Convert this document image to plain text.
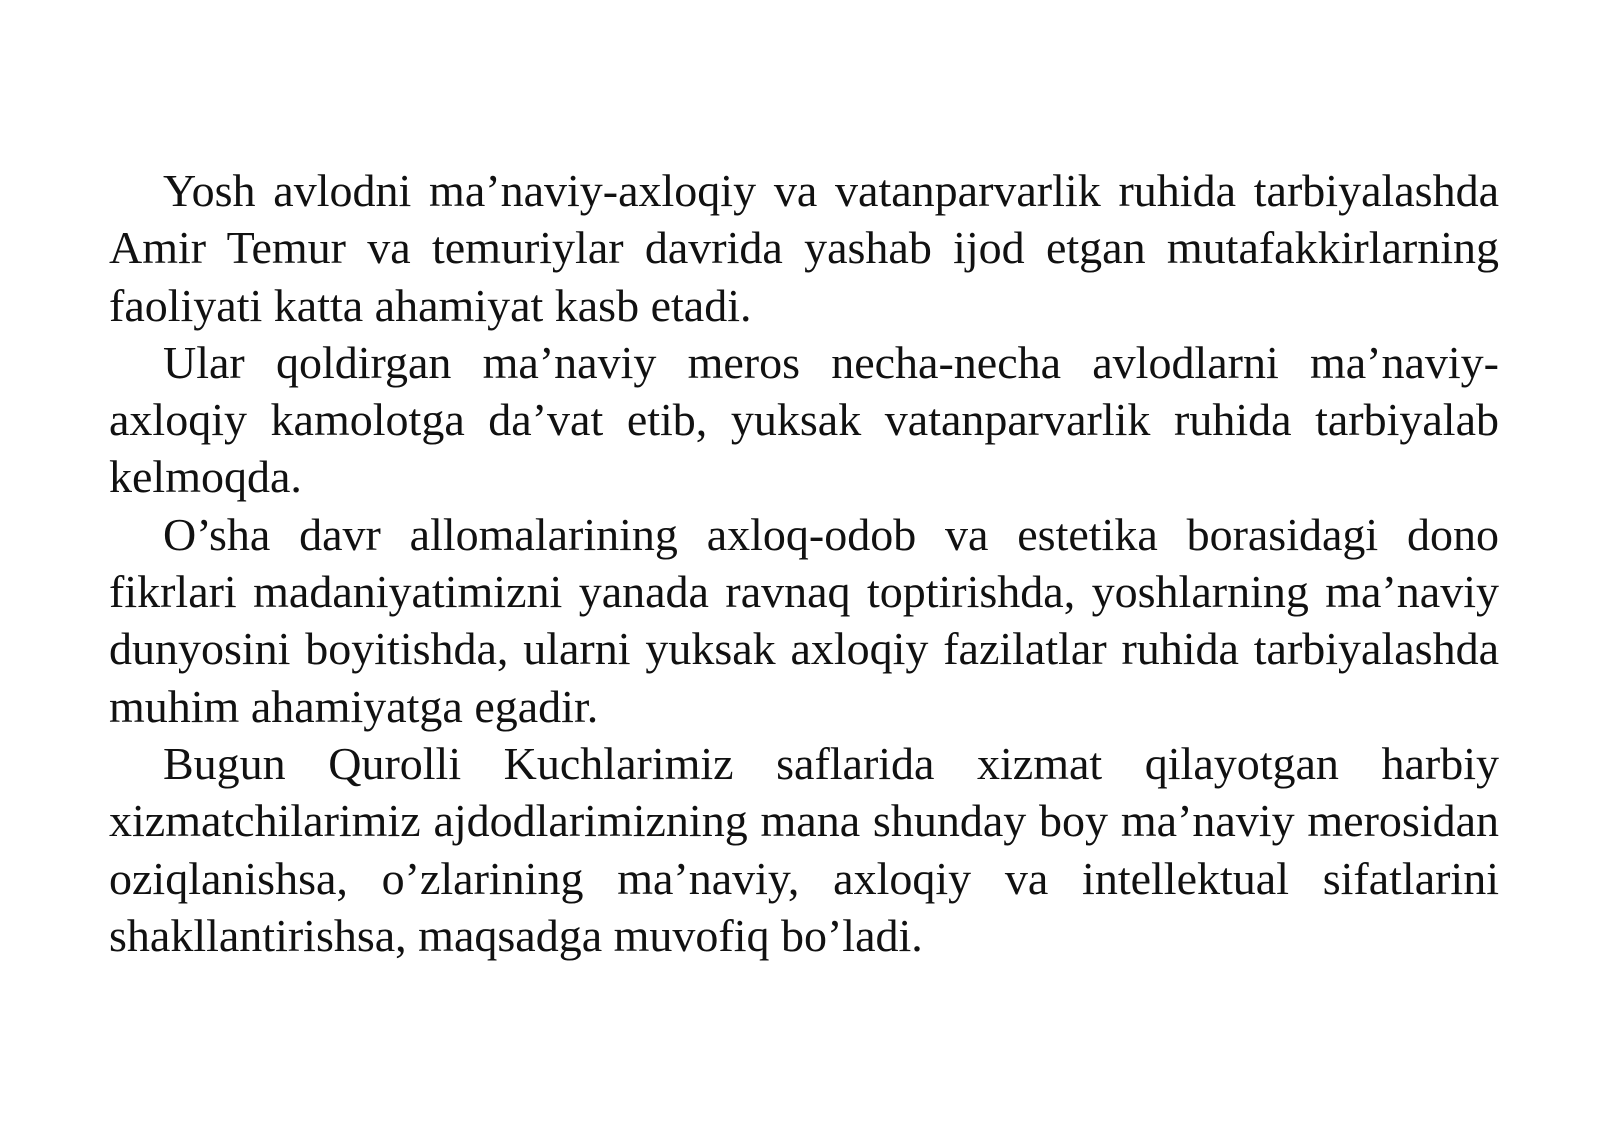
Yosh avlodni ma’naviy-axloqiy va vatanparvarlik ruhida tarbiyalashda Amir Temur va temuriylar davrida yashab ijod etgan mutafakkirlarning faoliyati katta ahamiyat kasb etadi.

Ular qoldirgan ma’naviy meros necha-necha avlodlarni ma’naviy-axloqiy kamolotga da’vat etib, yuksak vatanparvarlik ruhida tarbiyalab kelmoqda.

O’sha davr allomalarining axloq-odob va estetika borasidagi dono fikrlari madaniyatimizni yanada ravnaq toptirishda, yoshlarning ma’naviy dunyosini boyitishda, ularni yuksak axloqiy fazilatlar ruhida tarbiyalashda muhim ahamiyatga egadir.

Bugun Qurolli Kuchlarimiz saflarida xizmat qilayotgan harbiy xizmatchilarimiz ajdodlarimizning mana shunday boy ma’naviy merosidan oziqlanishsa, o’zlarining ma’naviy, axloqiy va intellektual sifatlarini shakllantirishsa, maqsadga muvofiq bo’ladi.
